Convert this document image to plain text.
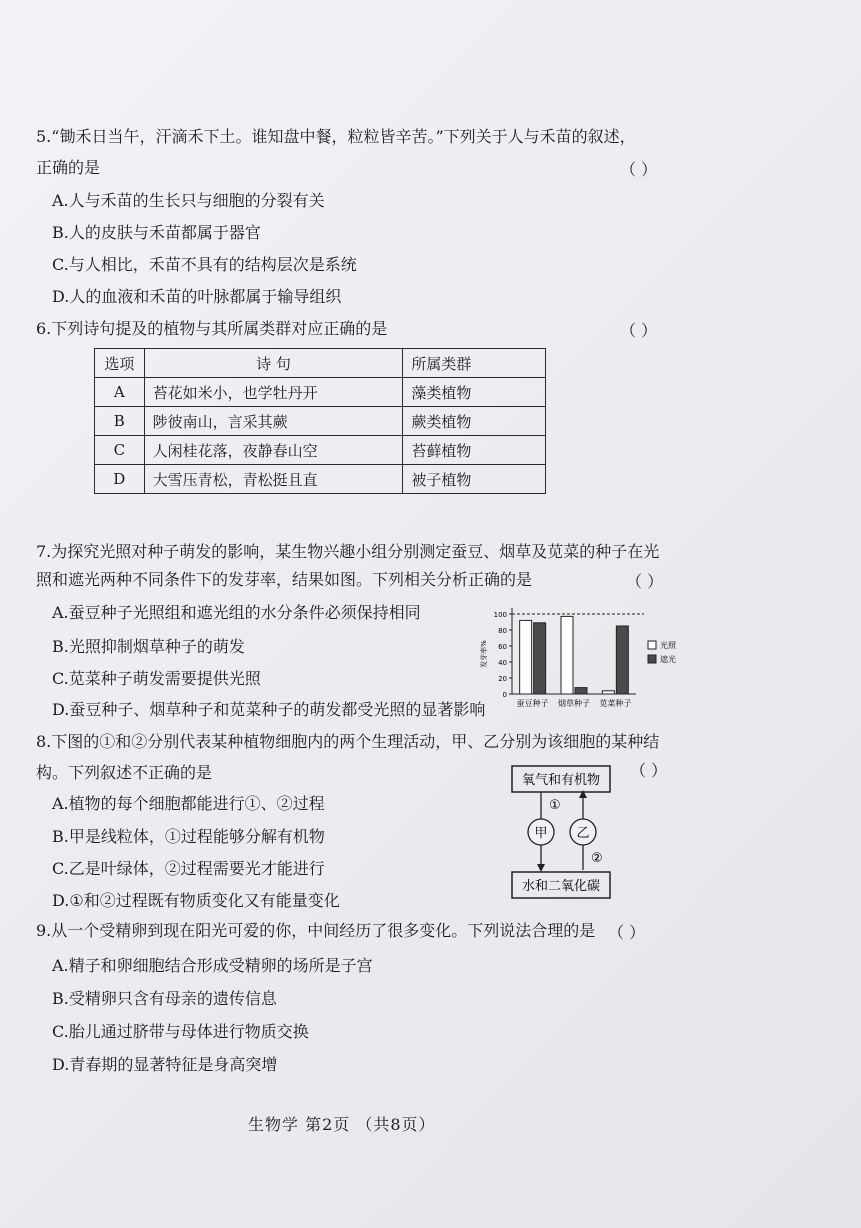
5.“锄禾日当午，汗滴禾下土。谁知盘中餐，粒粒皆辛苦。”下列关于人与禾苗的叙述，
正确的是	（ ）
A.人与禾苗的生长只与细胞的分裂有关
B.人的皮肤与禾苗都属于器官
C.与人相比，禾苗不具有的结构层次是系统
D.人的血液和禾苗的叶脉都属于输导组织
6.下列诗句提及的植物与其所属类群对应正确的是	（ ）
选项	诗 句	所属类群
A	苔花如米小，也学牡丹开	藻类植物
B	陟彼南山，言采其蕨	蕨类植物
C	人闲桂花落，夜静春山空	苔藓植物
D	大雪压青松，青松挺且直	被子植物
7.为探究光照对种子萌发的影响，某生物兴趣小组分别测定蚕豆、烟草及苋菜的种子在光
照和遮光两种不同条件下的发芽率，结果如图。下列相关分析正确的是	（ ）
A.蚕豆种子光照组和遮光组的水分条件必须保持相同
B.光照抑制烟草种子的萌发
C.苋菜种子萌发需要提供光照
D.蚕豆种子、烟草种子和苋菜种子的萌发都受光照的显著影响
0
20
40
60
80
100
发芽率%
蚕豆种子 烟草种子 苋菜种子
光照
遮光
8.下图的①和②分别代表某种植物细胞内的两个生理活动，甲、乙分别为该细胞的某种结
构。下列叙述不正确的是	（ ）
A.植物的每个细胞都能进行①、②过程
B.甲是线粒体，①过程能够分解有机物
C.乙是叶绿体，②过程需要光才能进行
D.①和②过程既有物质变化又有能量变化
氧气和有机物
甲 乙
①
②
水和二氧化碳
9.从一个受精卵到现在阳光可爱的你，中间经历了很多变化。下列说法合理的是 （ ）
A.精子和卵细胞结合形成受精卵的场所是子宫
B.受精卵只含有母亲的遗传信息
C.胎儿通过脐带与母体进行物质交换
D.青春期的显著特征是身高突增
生物学 第2页 （共8页）
